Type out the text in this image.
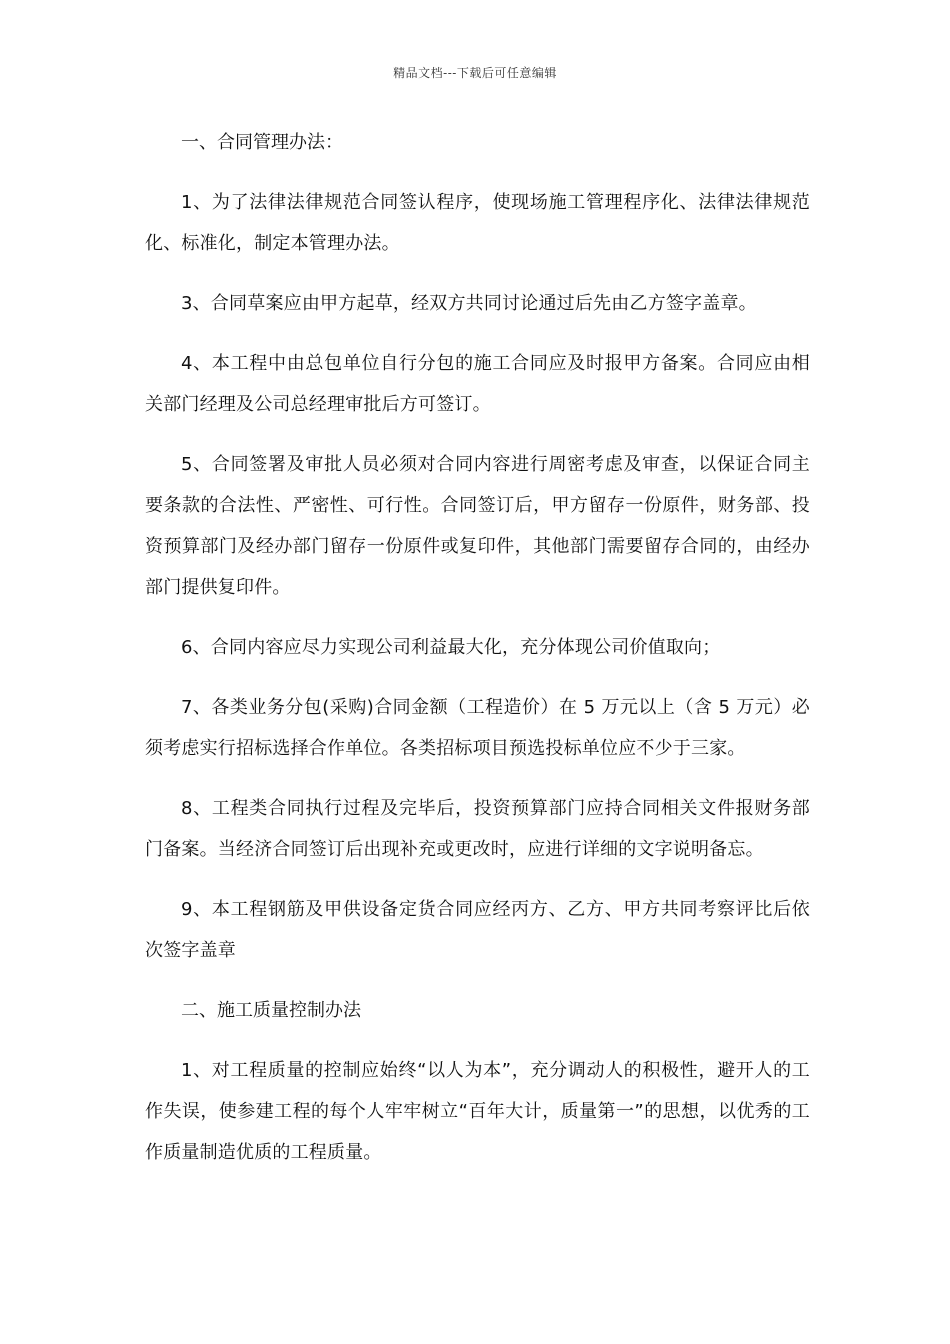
精品文档---下载后可任意编辑
一、合同管理办法：

1、为了法律法律规范合同签认程序，使现场施工管理程序化、法律法律规范化、标准化，制定本管理办法。

3、合同草案应由甲方起草，经双方共同讨论通过后先由乙方签字盖章。

4、本工程中由总包单位自行分包的施工合同应及时报甲方备案。合同应由相关部门经理及公司总经理审批后方可签订。

5、合同签署及审批人员必须对合同内容进行周密考虑及审查，以保证合同主要条款的合法性、严密性、可行性。合同签订后，甲方留存一份原件，财务部、投资预算部门及经办部门留存一份原件或复印件，其他部门需要留存合同的，由经办部门提供复印件。

6、合同内容应尽力实现公司利益最大化，充分体现公司价值取向；

7、各类业务分包(采购)合同金额（工程造价）在 5 万元以上（含 5 万元）必须考虑实行招标选择合作单位。各类招标项目预选投标单位应不少于三家。

8、工程类合同执行过程及完毕后，投资预算部门应持合同相关文件报财务部门备案。当经济合同签订后出现补充或更改时，应进行详细的文字说明备忘。

9、本工程钢筋及甲供设备定货合同应经丙方、乙方、甲方共同考察评比后依次签字盖章

二、施工质量控制办法

1、对工程质量的控制应始终“以人为本”，充分调动人的积极性，避开人的工作失误，使参建工程的每个人牢牢树立“百年大计，质量第一”的思想，以优秀的工作质量制造优质的工程质量。
